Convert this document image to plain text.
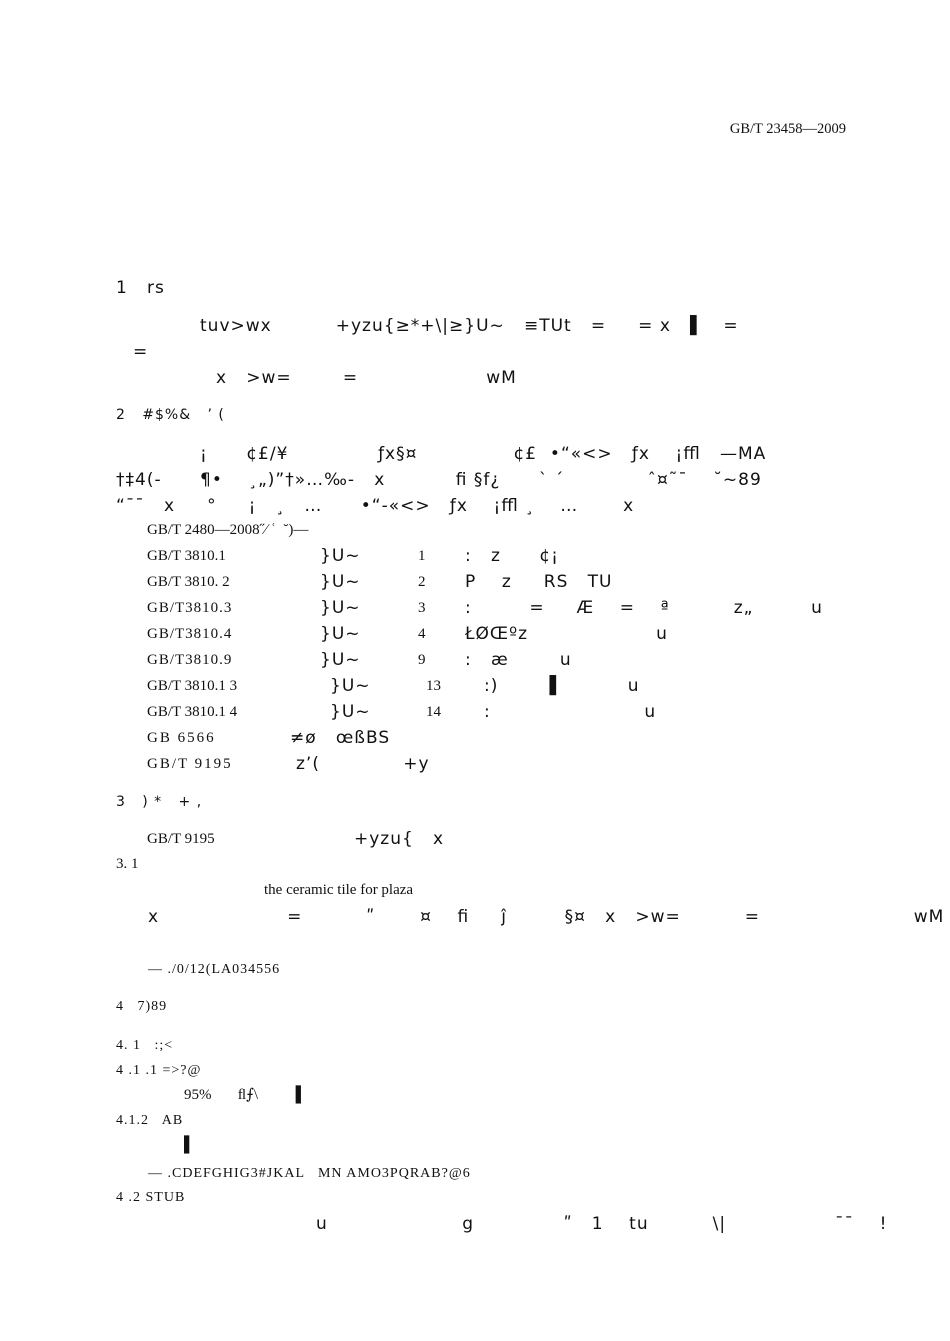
GB/T 23458—2009
1   rs
tuv>wx          +yzu{≥*+\|≥}U~   ≡TUt   =     = x   ▌   =
=
x   >w=        =                    wM
2   #$%&   ’ (
¡      ¢£∕¥              ƒx§¤               ¢£  •“«<>   ƒx    ¡ﬄ   —MA
†‡4(-      ¶•    ¸„)”†»…‰-   x           ﬁ §f¿      ˋ ˊ             ˆ¤˜¯    ˘~89
“ˉˉ   x     °     ¡   ¸   …      •“-«<>   ƒx    ¡ﬄ ¸    …       x
GB/T 2480—2008˝∕ ʿ  ˘)—
GB/T 3810.1	}U~	1 :   z      ¢¡
GB/T 3810. 2	}U~	2 P    z     RS   TU
GB/T3810.3	}U~	3 :         =     Æ    =    ª          z„         u
GB/T3810.4	}U~	4 ŁØŒºz                    u
GB/T3810.9	}U~	9 :   æ        u
GB/T 3810.1 3	}U~	13	:)        ▌          u
GB/T 3810.1 4	}U~	14	:                        u
GB 6566	≠ø   œßBS
GB/T 9195	zʼ(             +y
3   ) *   + ,
GB/T 9195	+yzu{   x
3. 1
the ceramic tile for plaza
x                    =          ʺ       ¤    ﬁ     ĵ         §¤   x   >w=          =                        wM
— ./0/12(LA034556
4   7)89
4. 1   :;<
4 .1 .1 =>?@
95%       ﬂ⨍\          ▌
4.1.2   AB
▌
— .CDEFGHIG3#JKAL   MN AMO3PQRAB?@6
4 .2 STUB
u                     g              ʺ   1    tu          \|                 ˉˉ    !
